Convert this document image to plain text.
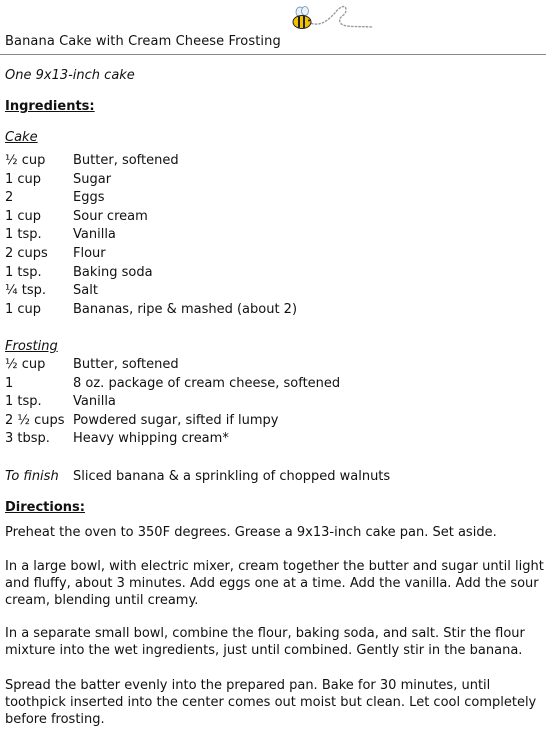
Banana Cake with Cream Cheese Frosting
One 9x13-inch cake
Ingredients:
Cake
½ cup Butter, softened
1 cup Sugar
2	Eggs
1 cup Sour cream
1 tsp. Vanilla
2 cups Flour
1 tsp. Baking soda
¼ tsp. Salt
1 cup Bananas, ripe & mashed (about 2)
Frosting
½ cup Butter, softened
1	8 oz. package of cream cheese, softened
1 tsp. Vanilla
2 ½ cups Powdered sugar, sifted if lumpy
3 tbsp. Heavy whipping cream*
To finish Sliced banana & a sprinkling of chopped walnuts
Directions:

Preheat the oven to 350F degrees. Grease a 9x13-inch cake pan. Set aside.

In a large bowl, with electric mixer, cream together the butter and sugar until light and fluffy, about 3 minutes. Add eggs one at a time. Add the vanilla. Add the sour cream, blending until creamy.

In a separate small bowl, combine the flour, baking soda, and salt. Stir the flour mixture into the wet ingredients, just until combined. Gently stir in the banana.

Spread the batter evenly into the prepared pan. Bake for 30 minutes, until toothpick inserted into the center comes out moist but clean. Let cool completely before frosting.
